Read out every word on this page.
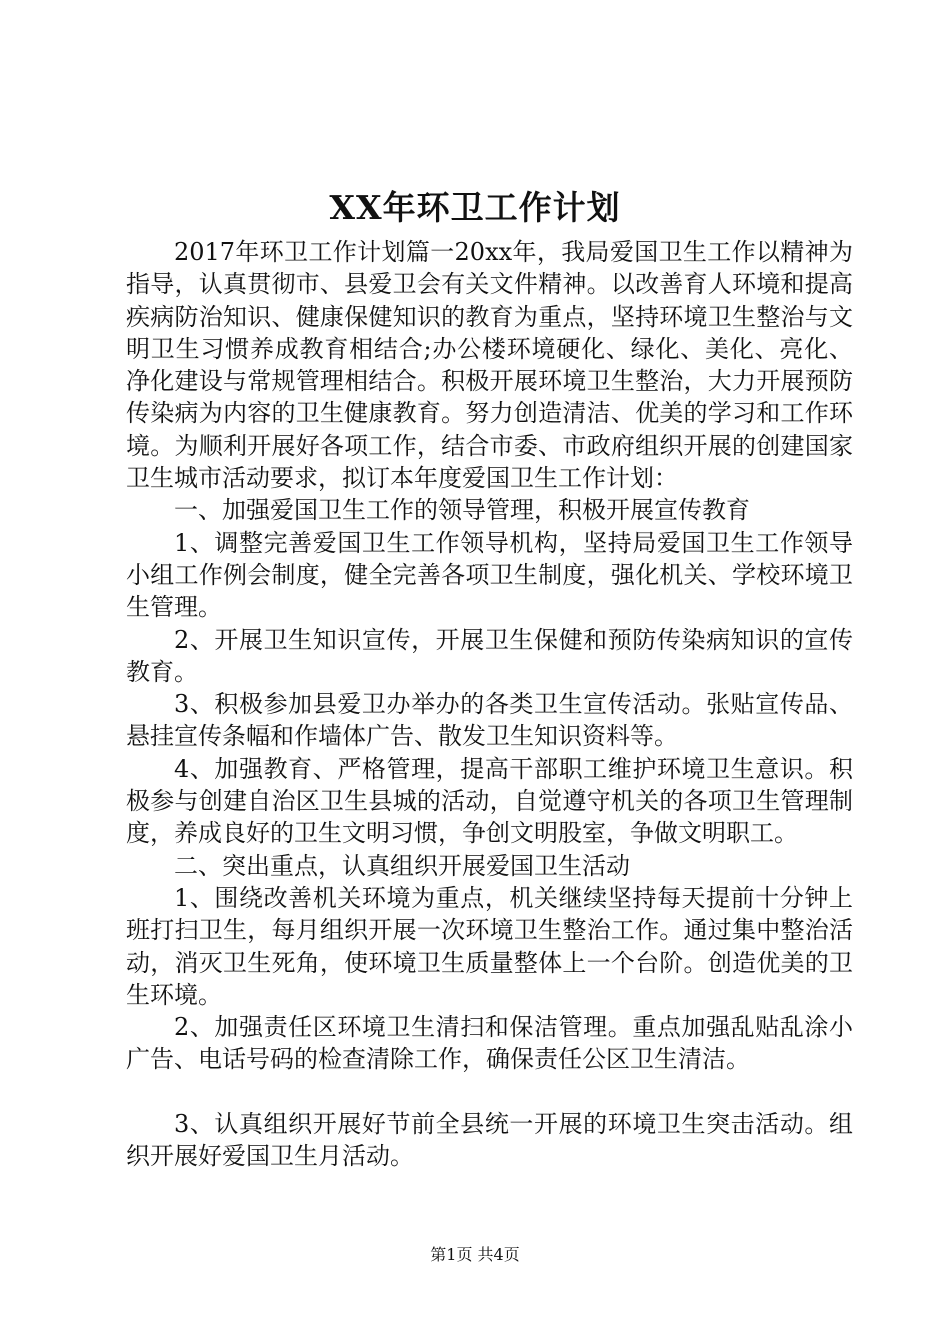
XX年环卫工作计划

2017年环卫工作计划篇一20xx年，我局爱国卫生工作以精神为指导，认真贯彻市、县爱卫会有关文件精神。以改善育人环境和提高疾病防治知识、健康保健知识的教育为重点，坚持环境卫生整治与文明卫生习惯养成教育相结合;办公楼环境硬化、绿化、美化、亮化、净化建设与常规管理相结合。积极开展环境卫生整治，大力开展预防传染病为内容的卫生健康教育。努力创造清洁、优美的学习和工作环境。为顺利开展好各项工作，结合市委、市政府组织开展的创建国家卫生城市活动要求，拟订本年度爱国卫生工作计划：

一、加强爱国卫生工作的领导管理，积极开展宣传教育

1、调整完善爱国卫生工作领导机构，坚持局爱国卫生工作领导小组工作例会制度，健全完善各项卫生制度，强化机关、学校环境卫生管理。

2、开展卫生知识宣传，开展卫生保健和预防传染病知识的宣传教育。

3、积极参加县爱卫办举办的各类卫生宣传活动。张贴宣传品、悬挂宣传条幅和作墙体广告、散发卫生知识资料等。

4、加强教育、严格管理，提高干部职工维护环境卫生意识。积极参与创建自治区卫生县城的活动，自觉遵守机关的各项卫生管理制度，养成良好的卫生文明习惯，争创文明股室，争做文明职工。

二、突出重点，认真组织开展爱国卫生活动

1、围绕改善机关环境为重点，机关继续坚持每天提前十分钟上班打扫卫生，每月组织开展一次环境卫生整治工作。通过集中整治活动，消灭卫生死角，使环境卫生质量整体上一个台阶。创造优美的卫生环境。

2、加强责任区环境卫生清扫和保洁管理。重点加强乱贴乱涂小广告、电话号码的检查清除工作，确保责任公区卫生清洁。

3、认真组织开展好节前全县统一开展的环境卫生突击活动。组织开展好爱国卫生月活动。

第1页 共4页
